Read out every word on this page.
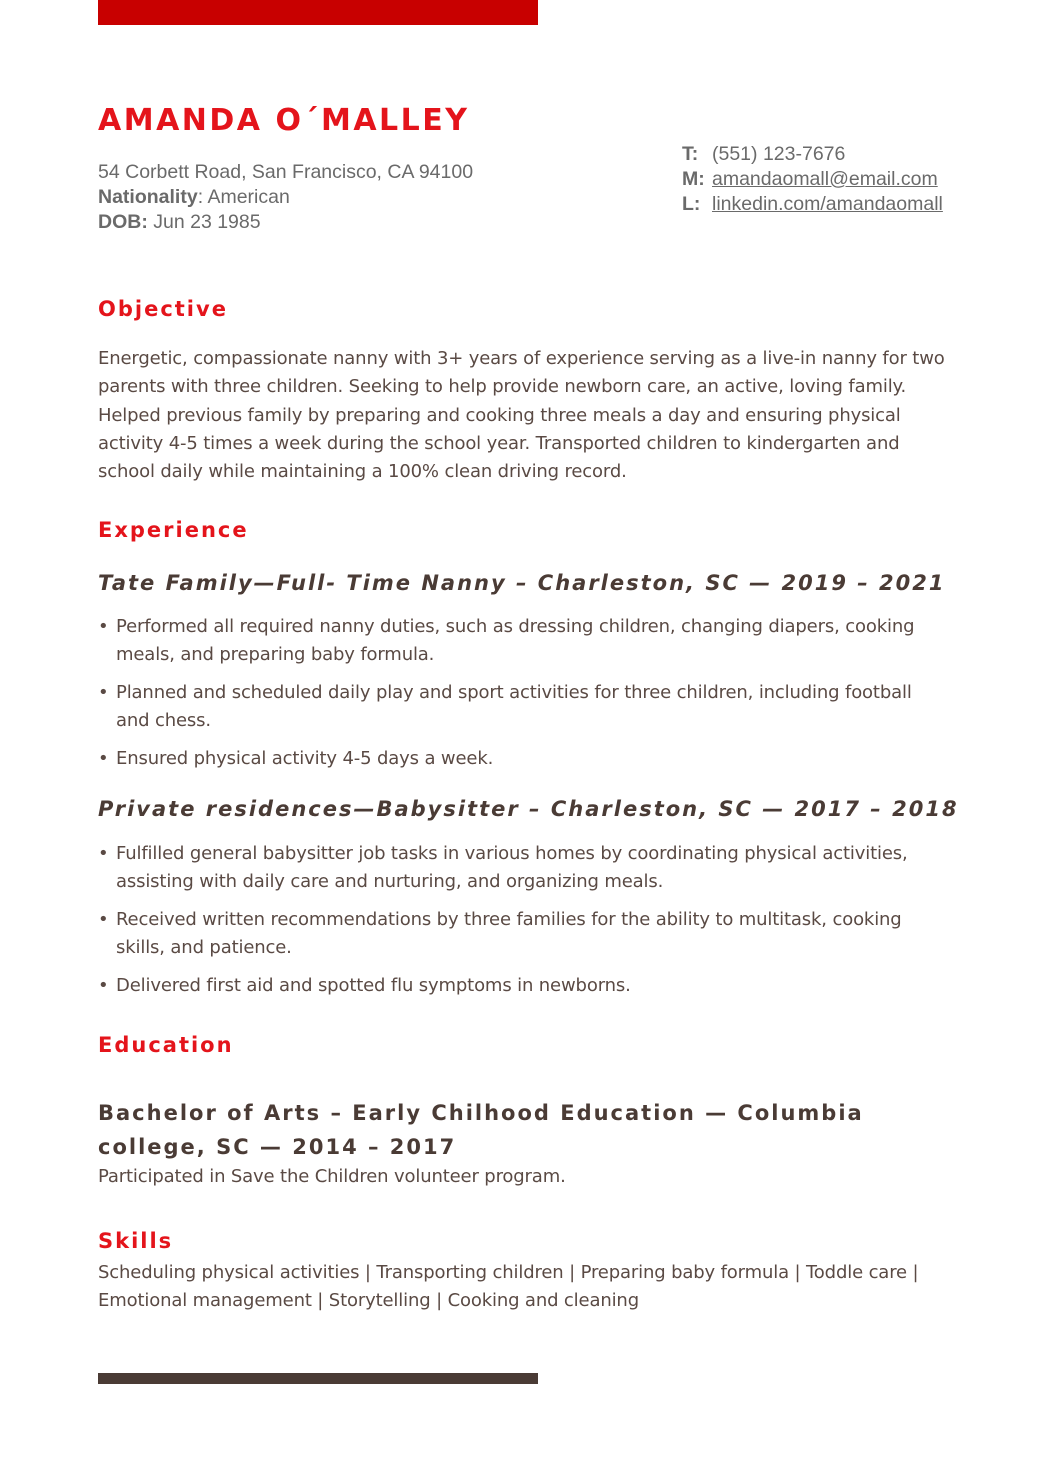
AMANDA O´MALLEY
54 Corbett Road, San Francisco, CA 94100
Nationality: American
DOB: Jun 23 1985
T: (551) 123-7676
M: amandaomall@email.com
L: linkedin.com/amandaomall
Objective

Energetic, compassionate nanny with 3+ years of experience serving as a live-in nanny for two parents with three children. Seeking to help provide newborn care, an active, loving family. Helped previous family by preparing and cooking three meals a day and ensuring physical activity 4-5 times a week during the school year. Transported children to kindergarten and school daily while maintaining a 100% clean driving record.

Experience
Tate Family—Full- Time Nanny – Charleston, SC — 2019 – 2021
• Performed all required nanny duties, such as dressing children, changing diapers, cooking meals, and preparing baby formula.
• Planned and scheduled daily play and sport activities for three children, including football and chess.
• Ensured physical activity 4-5 days a week.
Private residences—Babysitter – Charleston, SC — 2017 – 2018
• Fulfilled general babysitter job tasks in various homes by coordinating physical activities, assisting with daily care and nurturing, and organizing meals.
• Received written recommendations by three families for the ability to multitask, cooking skills, and patience.
• Delivered first aid and spotted flu symptoms in newborns.
Education
Bachelor of Arts – Early Chilhood Education — Columbia college, SC — 2014 – 2017

Participated in Save the Children volunteer program.

Skills

Scheduling physical activities | Transporting children | Preparing baby formula | Toddle care | Emotional management | Storytelling | Cooking and cleaning
